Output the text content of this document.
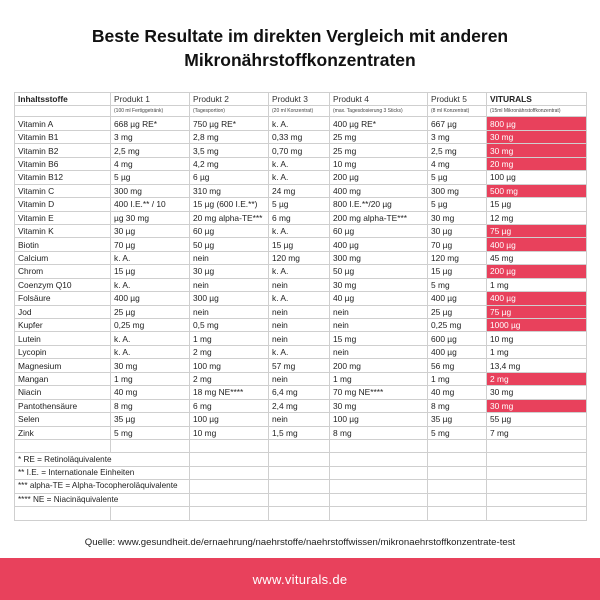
Beste Resultate im direkten Vergleich mit anderen
Mikronährstoffkonzentraten
Inhaltsstoffe	Produkt 1	Produkt 2	Produkt 3	Produkt 4	Produkt 5	VITURALS
	(100 ml Fertiggetränk)	(Tagesportion)	(20 ml Konzentrat)	(max. Tagesdosierung 3 Sticks)	(8 ml Konzentrat)	(15ml Mikronährstoffkonzentrat)
Vitamin A	668 µg RE*	750 µg RE*	k. A.	400 µg RE*	667 µg	800 µg
Vitamin B1	3 mg	2,8 mg	0,33 mg	25 mg	3 mg	30 mg
Vitamin B2	2,5 mg	3,5 mg	0,70 mg	25 mg	2,5 mg	30 mg
Vitamin B6	4 mg	4,2 mg	k. A.	10 mg	4 mg	20 mg
Vitamin B12	5 µg	6 µg	k. A.	200 µg	5 µg	100 µg
Vitamin C	300 mg	310 mg	24 mg	400 mg	300 mg	500 mg
Vitamin D	400 I.E.** / 10	15 µg (600 I.E.**)	5 µg	800 I.E.**/20 µg	5 µg	15 µg
Vitamin E	µg 30 mg	20 mg alpha-TE***	6 mg	200 mg alpha-TE***	30 mg	12 mg
Vitamin K	30 µg	60 µg	k. A.	60 µg	30 µg	75 µg
Biotin	70 µg	50 µg	15 µg	400 µg	70 µg	400 µg
Calcium	k. A.	nein	120 mg	300 mg	120 mg	45 mg
Chrom	15 µg	30 µg	k. A.	50 µg	15 µg	200 µg
Coenzym Q10	k. A.	nein	nein	30 mg	5 mg	1 mg
Folsäure	400 µg	300 µg	k. A.	40 µg	400 µg	400 µg
Jod	25 µg	nein	nein	nein	25 µg	75 µg
Kupfer	0,25 mg	0,5 mg	nein	nein	0,25 mg	1000 µg
Lutein	k. A.	1 mg	nein	15 mg	600 µg	10 mg
Lycopin	k. A.	2 mg	k. A.	nein	400 µg	1 mg
Magnesium	30 mg	100 mg	57 mg	200 mg	56 mg	13,4 mg
Mangan	1 mg	2 mg	nein	1 mg	1 mg	2 mg
Niacin	40 mg	18 mg NE****	6,4 mg	70 mg NE****	40 mg	30 mg
Pantothensäure	8 mg	6 mg	2,4 mg	30 mg	8 mg	30 mg
Selen	35 µg	100 µg	nein	100 µg	35 µg	55 µg
Zink	5 mg	10 mg	1,5 mg	8 mg	5 mg	7 mg

* RE = Retinoläquivalente						
** I.E. = Internationale Einheiten						
*** alpha-TE = Alpha-Tocopheroläquivalente						
**** NE = Niacinäquivalente						

Quelle: www.gesundheit.de/ernaehrung/naehrstoffe/naehrstoffwissen/mikronaehrstoffkonzentrate-test
www.viturals.de
